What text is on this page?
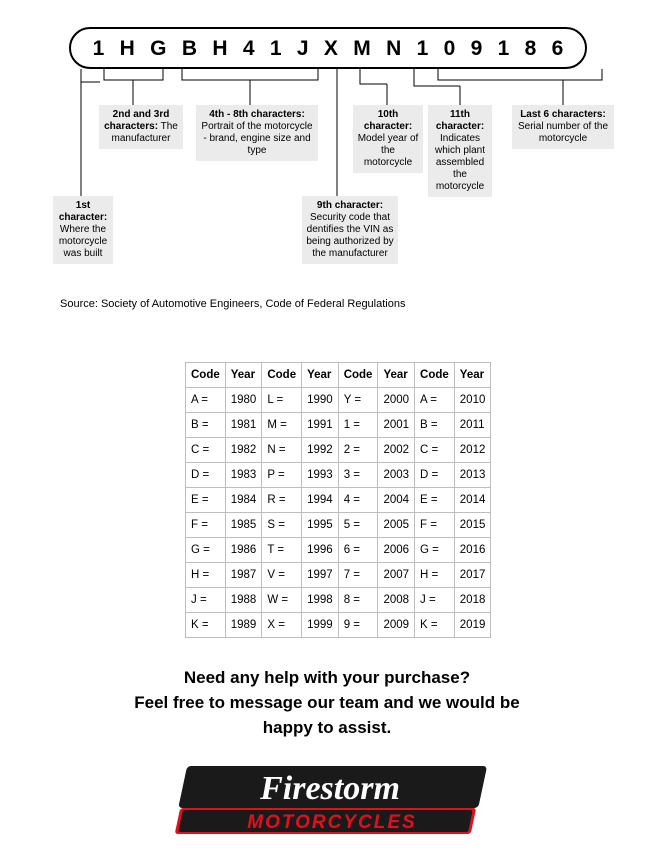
1 H G B H 4 1 J X M N 1 0 9 1 8 6
1st character: Where the motorcycle was built
2nd and 3rd characters: The manufacturer
4th - 8th characters: Portrait of the motorcycle - brand, engine size and type
9th character: Security code that dentifies the VIN as being authorized by the manufacturer
10th character: Model year of the motorcycle
11th character: Indicates which plant assembled the motorcycle
Last 6 characters: Serial number of the motorcycle
Source: Society of Automotive Engineers, Code of Federal Regulations
Code	Year	Code	Year	Code	Year	Code	Year
A =	1980	L =	1990	Y =	2000	A =	2010
B =	1981	M =	1991	1 =	2001	B =	2011
C =	1982	N =	1992	2 =	2002	C =	2012
D =	1983	P =	1993	3 =	2003	D =	2013
E =	1984	R =	1994	4 =	2004	E =	2014
F =	1985	S =	1995	5 =	2005	F =	2015
G =	1986	T =	1996	6 =	2006	G =	2016
H =	1987	V =	1997	7 =	2007	H =	2017
J =	1988	W =	1998	8 =	2008	J =	2018
K =	1989	X =	1999	9 =	2009	K =	2019
Need any help with your purchase?
Feel free to message our team and we would be
happy to assist.
Firestorm
MOTORCYCLES
